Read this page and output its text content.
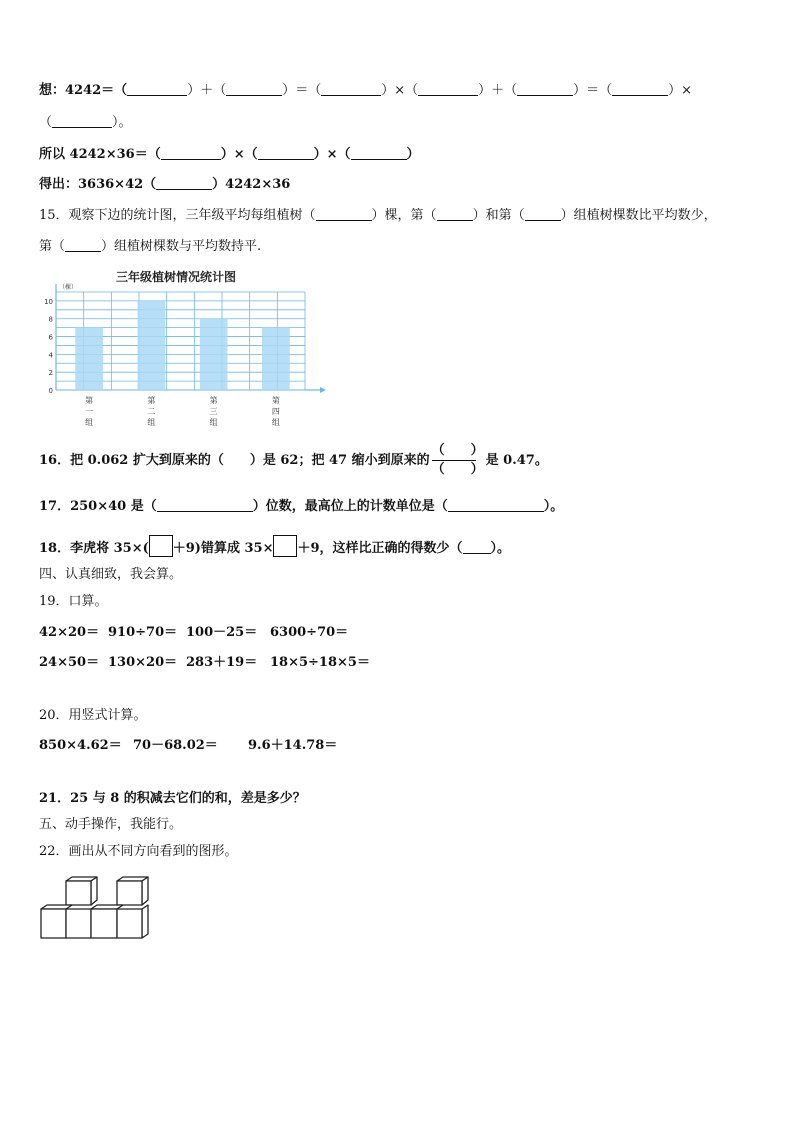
想：4242＝（	）＋（	）＝（	）×（	）＋（	）＝（	）×
（	）。
所以 4242×36＝（	）×（	）×（	）
得出：3636×42（	）4242×36
15．观察下边的统计图，三年级平均每组植树（	）棵，第（	）和第（	）组植树棵数比平均数少，
第（	）组植树棵数与平均数持平.
三年级植树情况统计图
第
一
组
第
二
组
第
三
组
第
四
组
0
2
4
6
8
10
（棵）
16．把 0.062 扩大到原来的（　　）是 62；把 47 缩小到原来的 $\frac{( )}{( )}$ 是 0.47。
17．250×40 是（	）位数，最高位上的计数单位是（	）。
18．李虎将 35×( ＋9)错算成 35× ＋9，这样比正确的得数少（ ）。
四、认真细致，我会算。
19．口算。
42×20＝ 910÷70＝ 100－25＝ 6300÷70＝
24×50＝ 130×20＝ 283＋19＝ 18×5÷18×5＝
20．用竖式计算。
850×4.62＝ 70－68.02＝ 9.6＋14.78＝
21．25 与 8 的积减去它们的和，差是多少？
五、动手操作，我能行。
22．画出从不同方向看到的图形。
